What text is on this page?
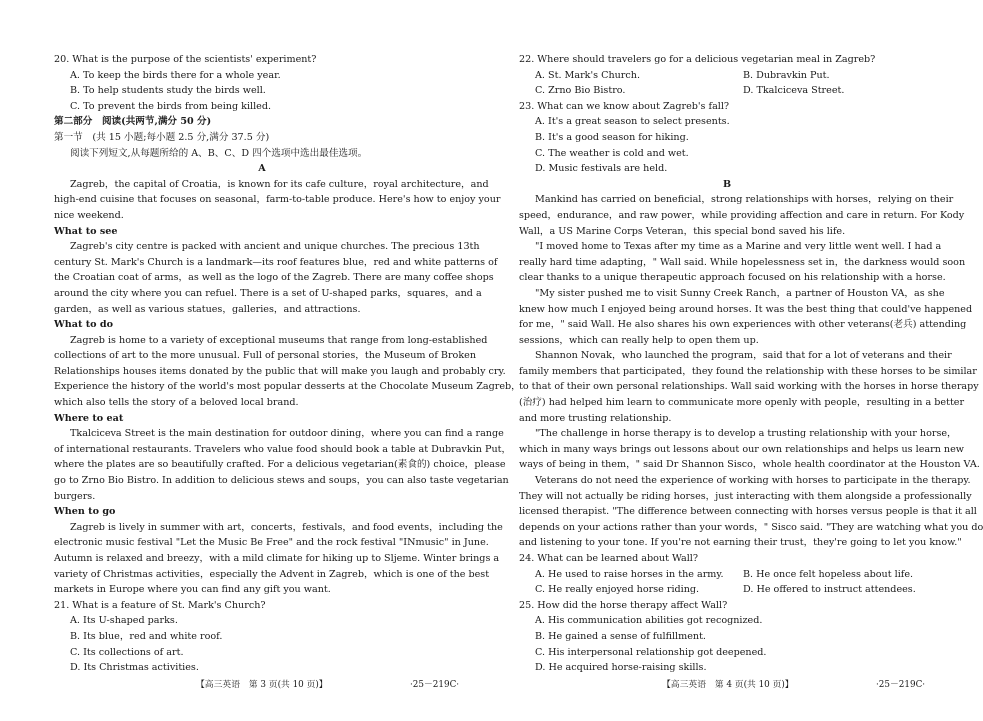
20. What is the purpose of the scientists' experiment?
A. To keep the birds there for a whole year.
B. To help students study the birds well.
C. To prevent the birds from being killed.
第二部分　阅读(共两节,满分 50 分)
第一节　(共 15 小题;每小题 2.5 分,满分 37.5 分)
阅读下列短文,从每题所给的 A、B、C、D 四个选项中选出最佳选项。
A
Zagreb，the capital of Croatia，is known for its cafe culture，royal architecture，and
high-end cuisine that focuses on seasonal，farm-to-table produce. Here's how to enjoy your
nice weekend.
What to see
Zagreb's city centre is packed with ancient and unique churches. The precious 13th
century St. Mark's Church is a landmark—its roof features blue，red and white patterns of
the Croatian coat of arms，as well as the logo of the Zagreb. There are many coffee shops
around the city where you can refuel. There is a set of U-shaped parks，squares，and a
garden，as well as various statues，galleries，and attractions.
What to do
Zagreb is home to a variety of exceptional museums that range from long-established
collections of art to the more unusual. Full of personal stories，the Museum of Broken
Relationships houses items donated by the public that will make you laugh and probably cry.
Experience the history of the world's most popular desserts at the Chocolate Museum Zagreb，
which also tells the story of a beloved local brand.
Where to eat
Tkalciceva Street is the main destination for outdoor dining，where you can find a range
of international restaurants. Travelers who value food should book a table at Dubravkin Put，
where the plates are so beautifully crafted. For a delicious vegetarian(素食的) choice，please
go to Zrno Bio Bistro. In addition to delicious stews and soups，you can also taste vegetarian
burgers.
When to go
Zagreb is lively in summer with art，concerts，festivals，and food events，including the
electronic music festival "Let the Music Be Free" and the rock festival "INmusic" in June.
Autumn is relaxed and breezy，with a mild climate for hiking up to Sljeme. Winter brings a
variety of Christmas activities，especially the Advent in Zagreb，which is one of the best
markets in Europe where you can find any gift you want.
21. What is a feature of St. Mark's Church?
A. Its U-shaped parks.
B. Its blue，red and white roof.
C. Its collections of art.
D. Its Christmas activities.
22. Where should travelers go for a delicious vegetarian meal in Zagreb?
A. St. Mark's Church.	B. Dubravkin Put.
C. Zrno Bio Bistro.	D. Tkalciceva Street.
23. What can we know about Zagreb's fall?
A. It's a great season to select presents.
B. It's a good season for hiking.
C. The weather is cold and wet.
D. Music festivals are held.
B
Mankind has carried on beneficial，strong relationships with horses，relying on their
speed，endurance，and raw power，while providing affection and care in return. For Kody
Wall，a US Marine Corps Veteran，this special bond saved his life.
"I moved home to Texas after my time as a Marine and very little went well. I had a
really hard time adapting，" Wall said. While hopelessness set in，the darkness would soon
clear thanks to a unique therapeutic approach focused on his relationship with a horse.
"My sister pushed me to visit Sunny Creek Ranch，a partner of Houston VA，as she
knew how much I enjoyed being around horses. It was the best thing that could've happened
for me，" said Wall. He also shares his own experiences with other veterans(老兵) attending
sessions，which can really help to open them up.
Shannon Novak，who launched the program，said that for a lot of veterans and their
family members that participated，they found the relationship with these horses to be similar
to that of their own personal relationships. Wall said working with the horses in horse therapy
(治疗) had helped him learn to communicate more openly with people，resulting in a better
and more trusting relationship.
"The challenge in horse therapy is to develop a trusting relationship with your horse，
which in many ways brings out lessons about our own relationships and helps us learn new
ways of being in them，" said Dr Shannon Sisco，whole health coordinator at the Houston VA.
Veterans do not need the experience of working with horses to participate in the therapy.
They will not actually be riding horses，just interacting with them alongside a professionally
licensed therapist. "The difference between connecting with horses versus people is that it all
depends on your actions rather than your words，" Sisco said. "They are watching what you do
and listening to your tone. If you're not earning their trust，they're going to let you know."
24. What can be learned about Wall?
A. He used to raise horses in the army.	B. He once felt hopeless about life.
C. He really enjoyed horse riding.	D. He offered to instruct attendees.
25. How did the horse therapy affect Wall?
A. His communication abilities got recognized.
B. He gained a sense of fulfillment.
C. His interpersonal relationship got deepened.
D. He acquired horse-raising skills.
【高三英语　第 3 页(共 10 页)】	·25－219C·	【高三英语　第 4 页(共 10 页)】	·25－219C·
